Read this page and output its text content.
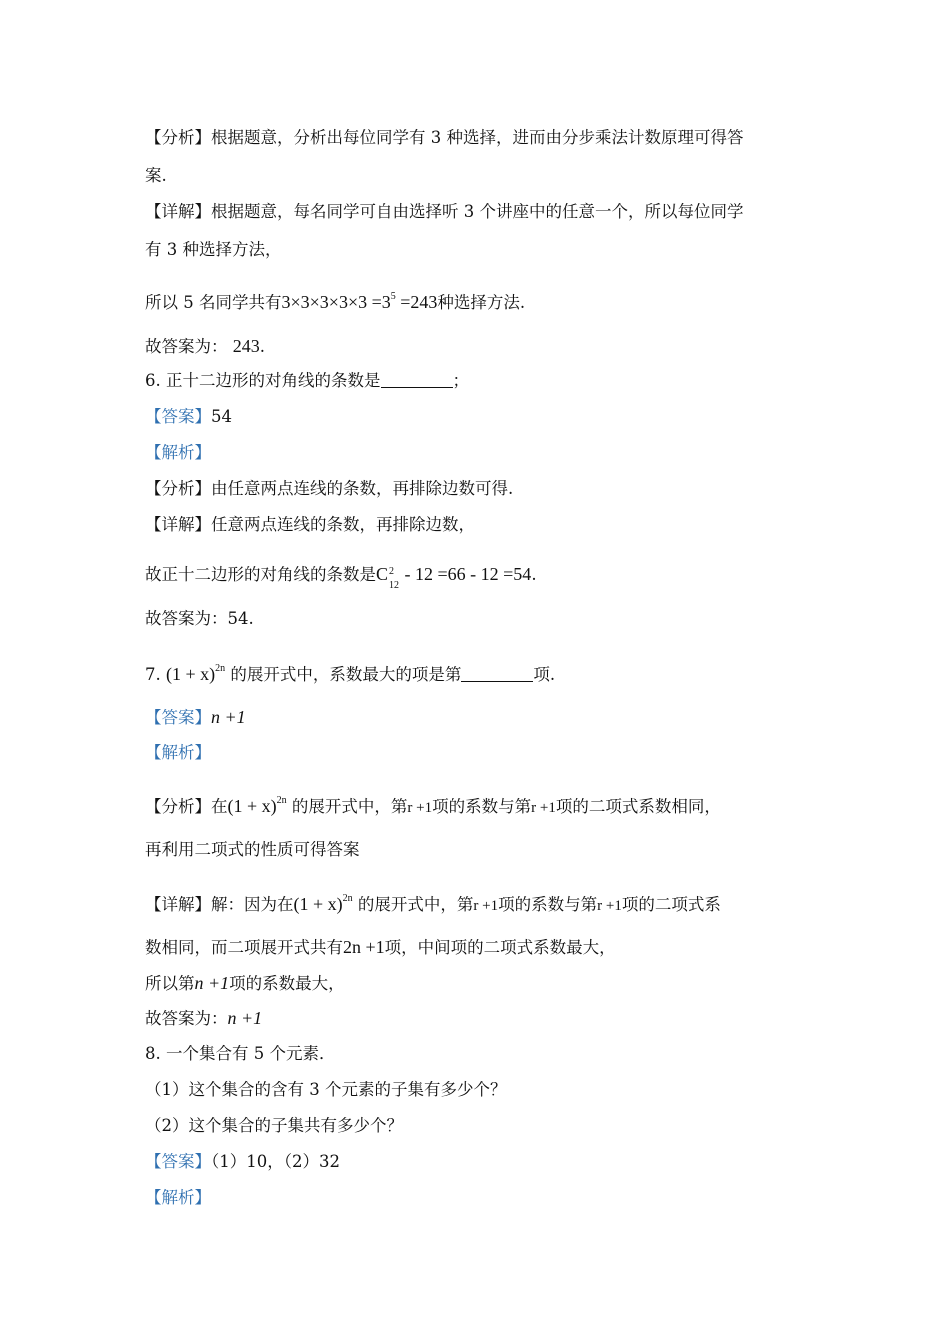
【分析】根据题意，分析出每位同学有 3 种选择，进而由分步乘法计数原理可得答
案.
【详解】根据题意，每名同学可自由选择听 3 个讲座中的任意一个，所以每位同学
有 3 种选择方法，
所以 5 名同学共有$3\times 3\times 3\times 3\times 3 =3^5 =243$种选择方法.
故答案为： 243.
6. 正十二边形的对角线的条数是	；
【答案】54
【解析】
【分析】由任意两点连线的条数，再排除边数可得.
【详解】任意两点连线的条数，再排除边数，
故正十二边形的对角线的条数是C 2
12
- 12 =66 - 12 =54.
故答案为：54.
7. $(1 + x)^{2n}$ 的展开式中，系数最大的项是第	项.
【答案】n +1
【解析】
【分析】在$(1 + x)^{2n}$ 的展开式中，第r +1项的系数与第r +1项的二项式系数相同，
再利用二项式的性质可得答案
【详解】解：因为在$(1 + x)^{2n}$ 的展开式中，第r +1项的系数与第r +1项的二项式系
数相同，而二项展开式共有2n +1项，中间项的二项式系数最大，
所以第n +1项的系数最大，
故答案为：n +1
8. 一个集合有 5 个元素．
（1）这个集合的含有 3 个元素的子集有多少个？
（2）这个集合的子集共有多少个？
【答案】（1）10，（2）32
【解析】
